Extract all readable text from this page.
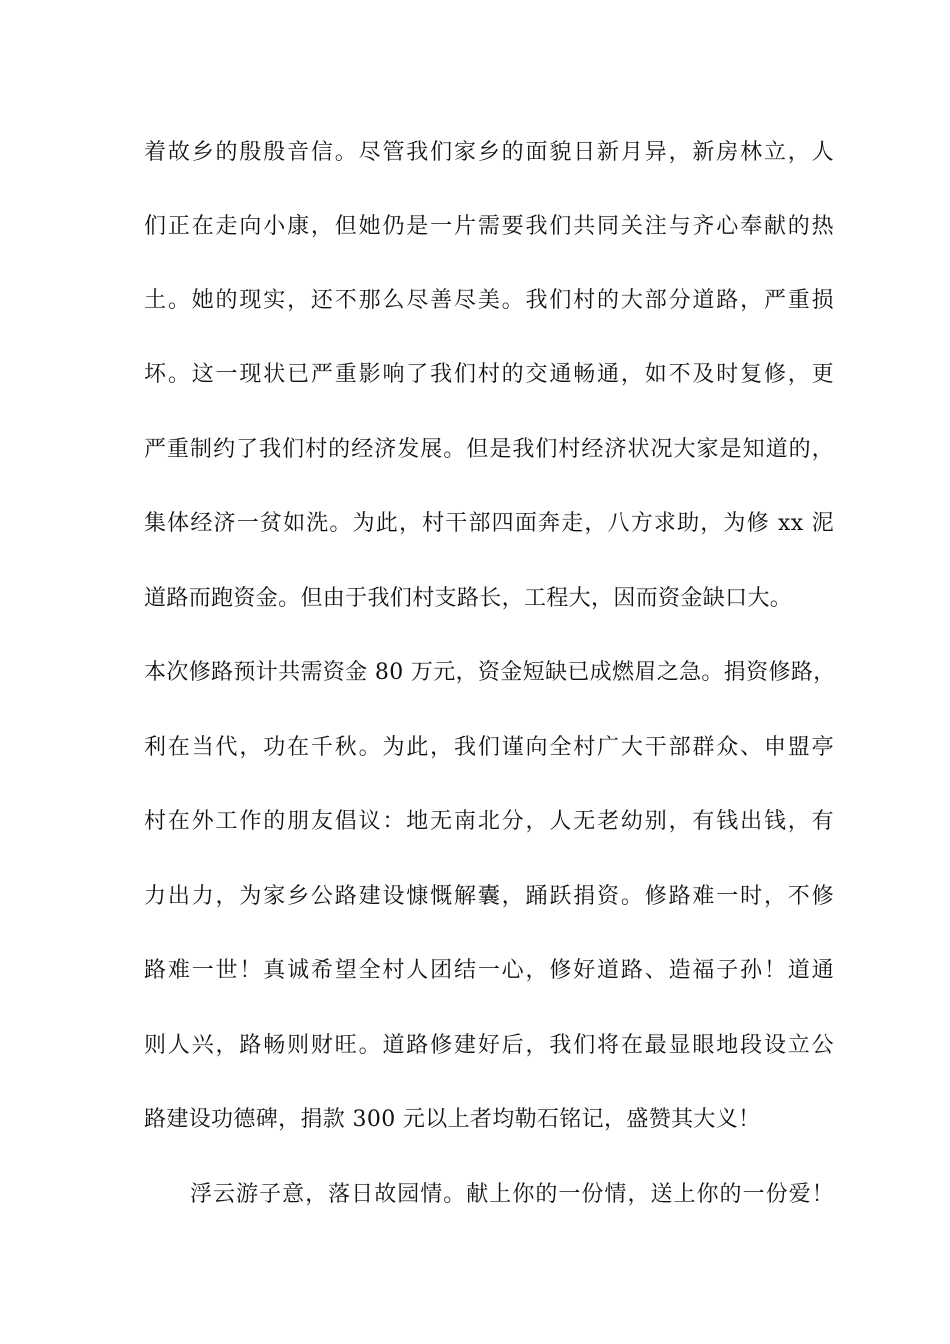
着故乡的殷殷音信。尽管我们家乡的面貌日新月异，新房林立，人
们正在走向小康，但她仍是一片需要我们共同关注与齐心奉献的热
土。她的现实，还不那么尽善尽美。我们村的大部分道路，严重损
坏。这一现状已严重影响了我们村的交通畅通，如不及时复修，更
严重制约了我们村的经济发展。但是我们村经济状况大家是知道的，
集体经济一贫如洗。为此，村干部四面奔走，八方求助，为修 xx 泥
道路而跑资金。但由于我们村支路长，工程大，因而资金缺口大。
本次修路预计共需资金 80 万元，资金短缺已成燃眉之急。捐资修路，
利在当代，功在千秋。为此，我们谨向全村广大干部群众、申盟亭
村在外工作的朋友倡议：地无南北分，人无老幼别，有钱出钱，有
力出力，为家乡公路建设慷慨解囊，踊跃捐资。修路难一时，不修
路难一世！真诚希望全村人团结一心，修好道路、造福子孙！道通
则人兴，路畅则财旺。道路修建好后，我们将在最显眼地段设立公
路建设功德碑，捐款 300 元以上者均勒石铭记，盛赞其大义！
浮云游子意，落日故园情。献上你的一份情，送上你的一份爱！
